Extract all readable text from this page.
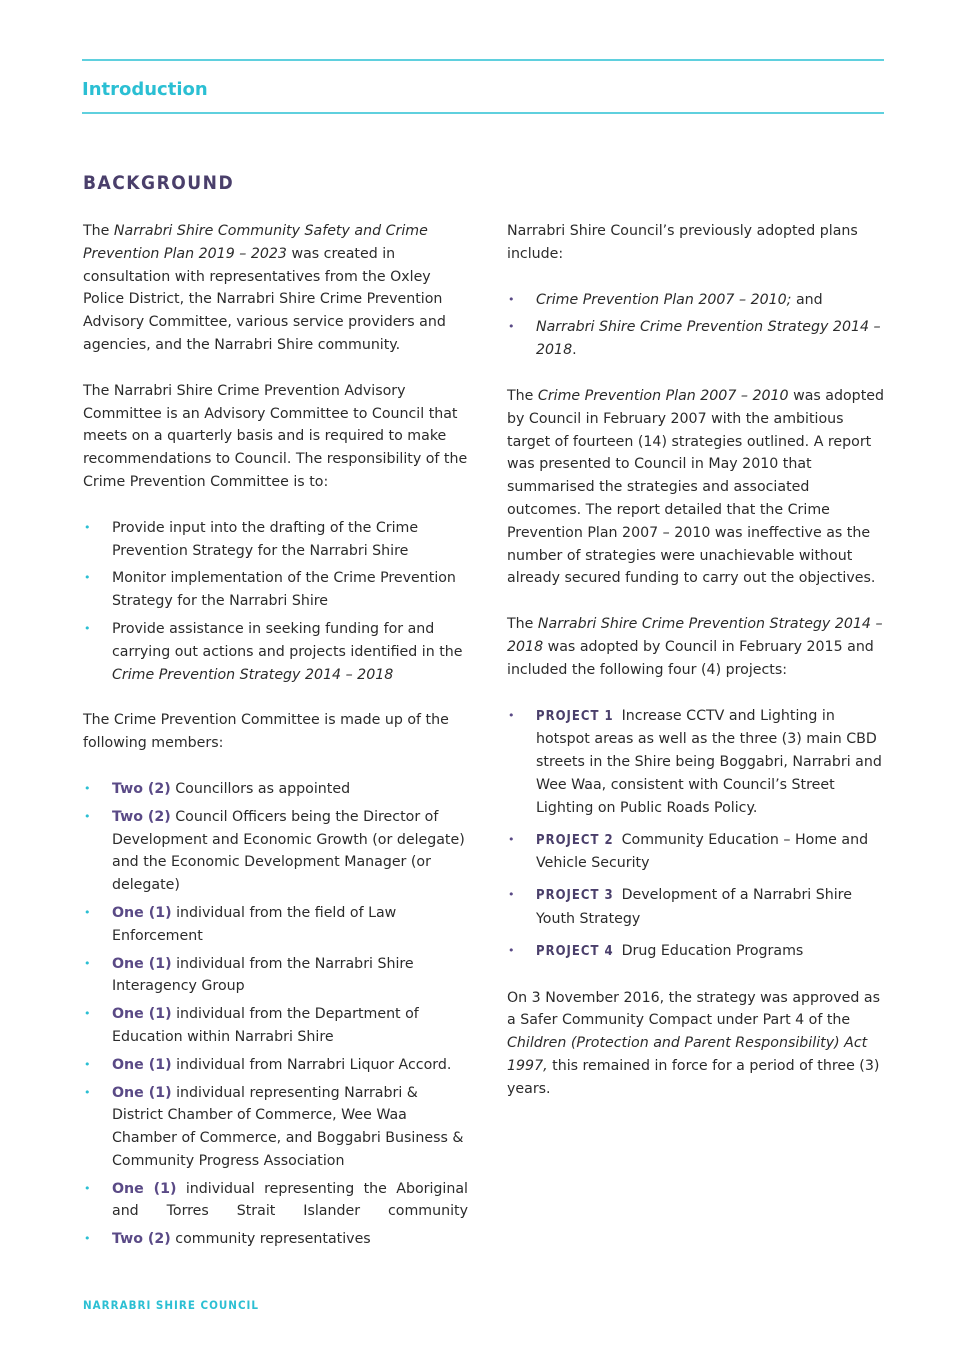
Introduction
BACKGROUND

The Narrabri Shire Community Safety and Crime Prevention Plan 2019 – 2023 was created in consultation with representatives from the Oxley Police District, the Narrabri Shire Crime Prevention Advisory Committee, various service providers and agencies, and the Narrabri Shire community.

The Narrabri Shire Crime Prevention Advisory Committee is an Advisory Committee to Council that meets on a quarterly basis and is required to make recommendations to Council. The responsibility of the Crime Prevention Committee is to:

• Provide input into the drafting of the Crime Prevention Strategy for the Narrabri Shire
• Monitor implementation of the Crime Prevention Strategy for the Narrabri Shire
• Provide assistance in seeking funding for and carrying out actions and projects identified in the Crime Prevention Strategy 2014 – 2018

The Crime Prevention Committee is made up of the following members:

• Two (2) Councillors as appointed
• Two (2) Council Officers being the Director of Development and Economic Growth (or delegate) and the Economic Development Manager (or delegate)
• One (1) individual from the field of Law Enforcement
• One (1) individual from the Narrabri Shire Interagency Group
• One (1) individual from the Department of Education within Narrabri Shire
• One (1) individual from Narrabri Liquor Accord.
• One (1) individual representing Narrabri & District Chamber of Commerce, Wee Waa Chamber of Commerce, and Boggabri Business & Community Progress Association
• One (1) individual representing the Aboriginal and Torres Strait Islander community
• Two (2) community representatives

Narrabri Shire Council’s previously adopted plans include:

• Crime Prevention Plan 2007 – 2010; and
• Narrabri Shire Crime Prevention Strategy 2014 – 2018.

The Crime Prevention Plan 2007 – 2010 was adopted by Council in February 2007 with the ambitious target of fourteen (14) strategies outlined. A report was presented to Council in May 2010 that summarised the strategies and associated outcomes. The report detailed that the Crime Prevention Plan 2007 – 2010 was ineffective as the number of strategies were unachievable without already secured funding to carry out the objectives.

The Narrabri Shire Crime Prevention Strategy 2014 – 2018 was adopted by Council in February 2015 and included the following four (4) projects:

• PROJECT 1 Increase CCTV and Lighting in hotspot areas as well as the three (3) main CBD streets in the Shire being Boggabri, Narrabri and Wee Waa, consistent with Council’s Street Lighting on Public Roads Policy.
• PROJECT 2 Community Education – Home and Vehicle Security
• PROJECT 3 Development of a Narrabri Shire Youth Strategy
• PROJECT 4 Drug Education Programs

On 3 November 2016, the strategy was approved as a Safer Community Compact under Part 4 of the Children (Protection and Parent Responsibility) Act 1997, this remained in force for a period of three (3) years.

NARRABRI SHIRE COUNCIL
